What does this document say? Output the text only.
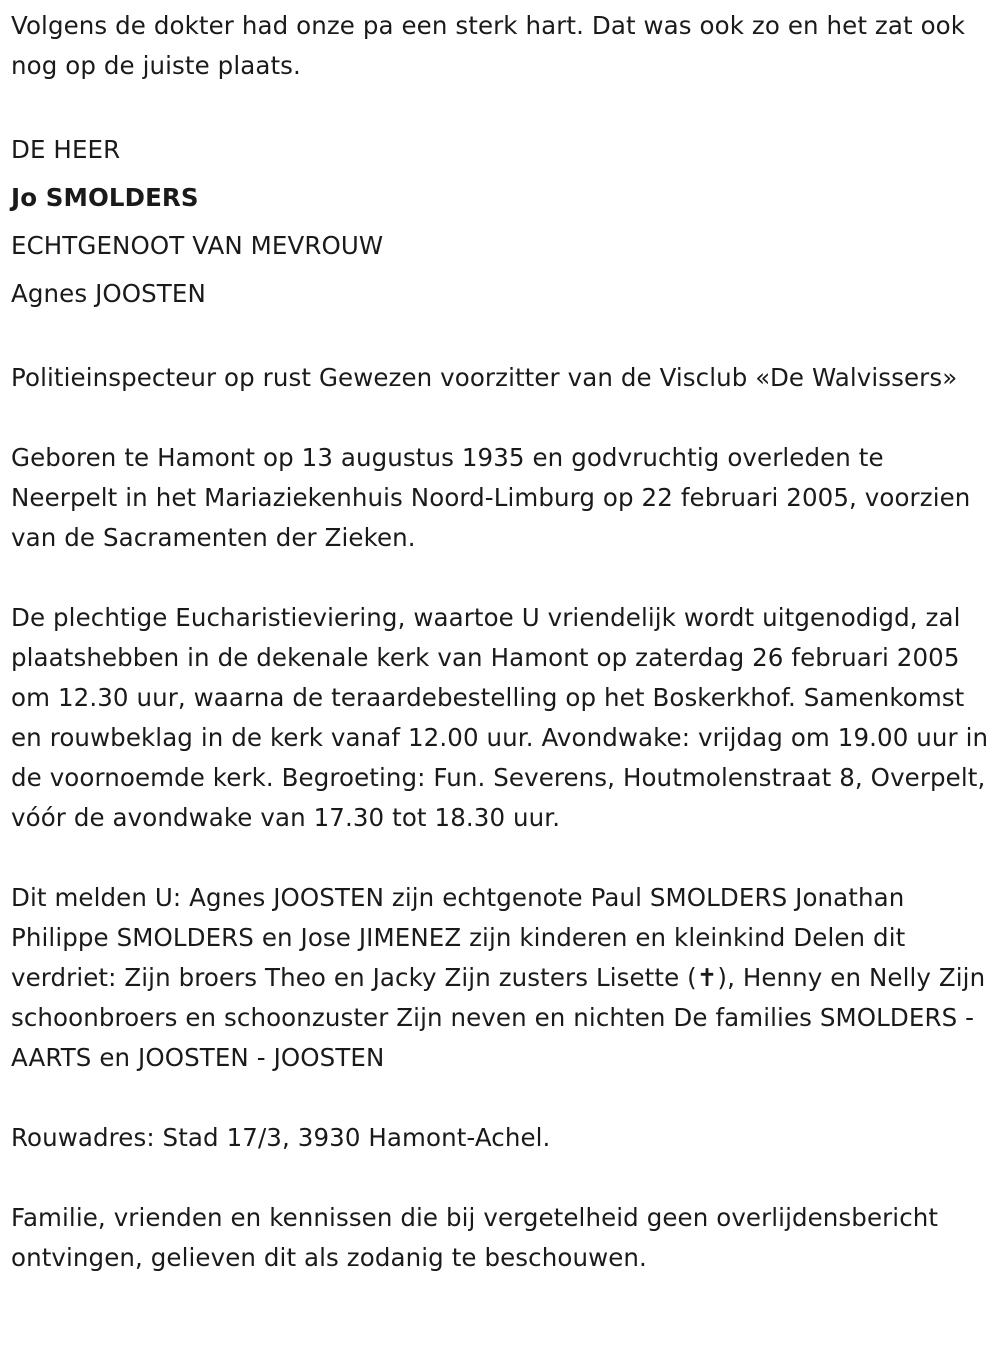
Volgens de dokter had onze pa een sterk hart. Dat was ook zo en het zat ook nog op de juiste plaats.

DE HEER

Jo SMOLDERS

ECHTGENOOT VAN MEVROUW

Agnes JOOSTEN

Politieinspecteur op rust Gewezen voorzitter van de Visclub «De Walvissers»

Geboren te Hamont op 13 augustus 1935 en godvruchtig overleden te Neerpelt in het Mariaziekenhuis Noord-Limburg op 22 februari 2005, voorzien van de Sacramenten der Zieken.

De plechtige Eucharistieviering, waartoe U vriendelijk wordt uitgenodigd, zal plaatshebben in de dekenale kerk van Hamont op zaterdag 26 februari 2005 om 12.30 uur, waarna de teraardebestelling op het Boskerkhof. Samenkomst en rouwbeklag in de kerk vanaf 12.00 uur. Avondwake: vrijdag om 19.00 uur in de voornoemde kerk. Begroeting: Fun. Severens, Houtmolenstraat 8, Overpelt, vóór de avondwake van 17.30 tot 18.30 uur.

Dit melden U: Agnes JOOSTEN zijn echtgenote Paul SMOLDERS Jonathan Philippe SMOLDERS en Jose JIMENEZ zijn kinderen en kleinkind Delen dit verdriet: Zijn broers Theo en Jacky Zijn zusters Lisette (✝), Henny en Nelly Zijn schoonbroers en schoonzuster Zijn neven en nichten De families SMOLDERS - AARTS en JOOSTEN - JOOSTEN

Rouwadres: Stad 17/3, 3930 Hamont-Achel.

Familie, vrienden en kennissen die bij vergetelheid geen overlijdensbericht ontvingen, gelieven dit als zodanig te beschouwen.
